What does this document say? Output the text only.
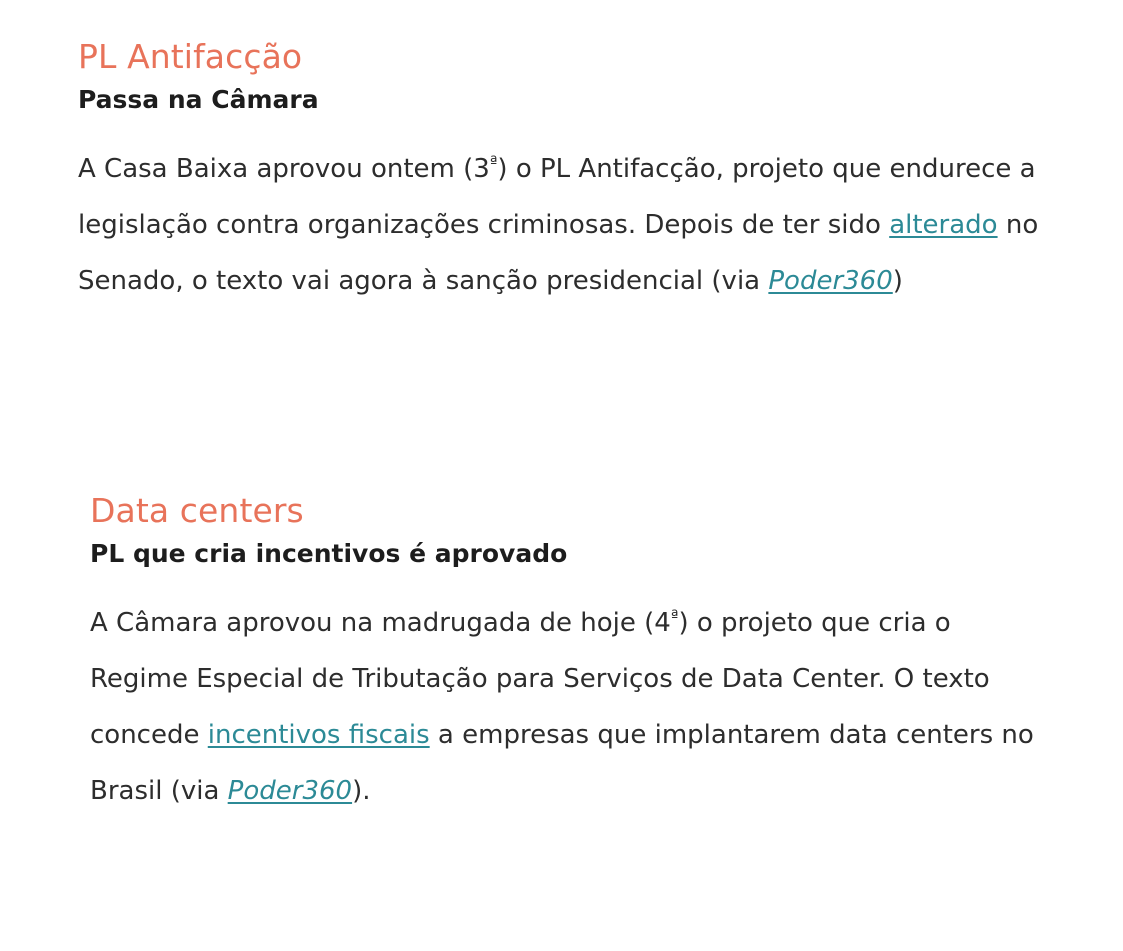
PL Antifacção
Passa na Câmara

A Casa Baixa aprovou ontem $(3^ª)$ o PL Antifacção, projeto que endurece a legislação contra organizações criminosas. Depois de ter sido alterado no Senado, o texto vai agora à sanção presidencial (via Poder360)

Data centers
PL que cria incentivos é aprovado

A Câmara aprovou na madrugada de hoje $(4^ª)$ o projeto que cria o Regime Especial de Tributação para Serviços de Data Center. O texto concede incentivos fiscais a empresas que implantarem data centers no Brasil (via Poder360).
